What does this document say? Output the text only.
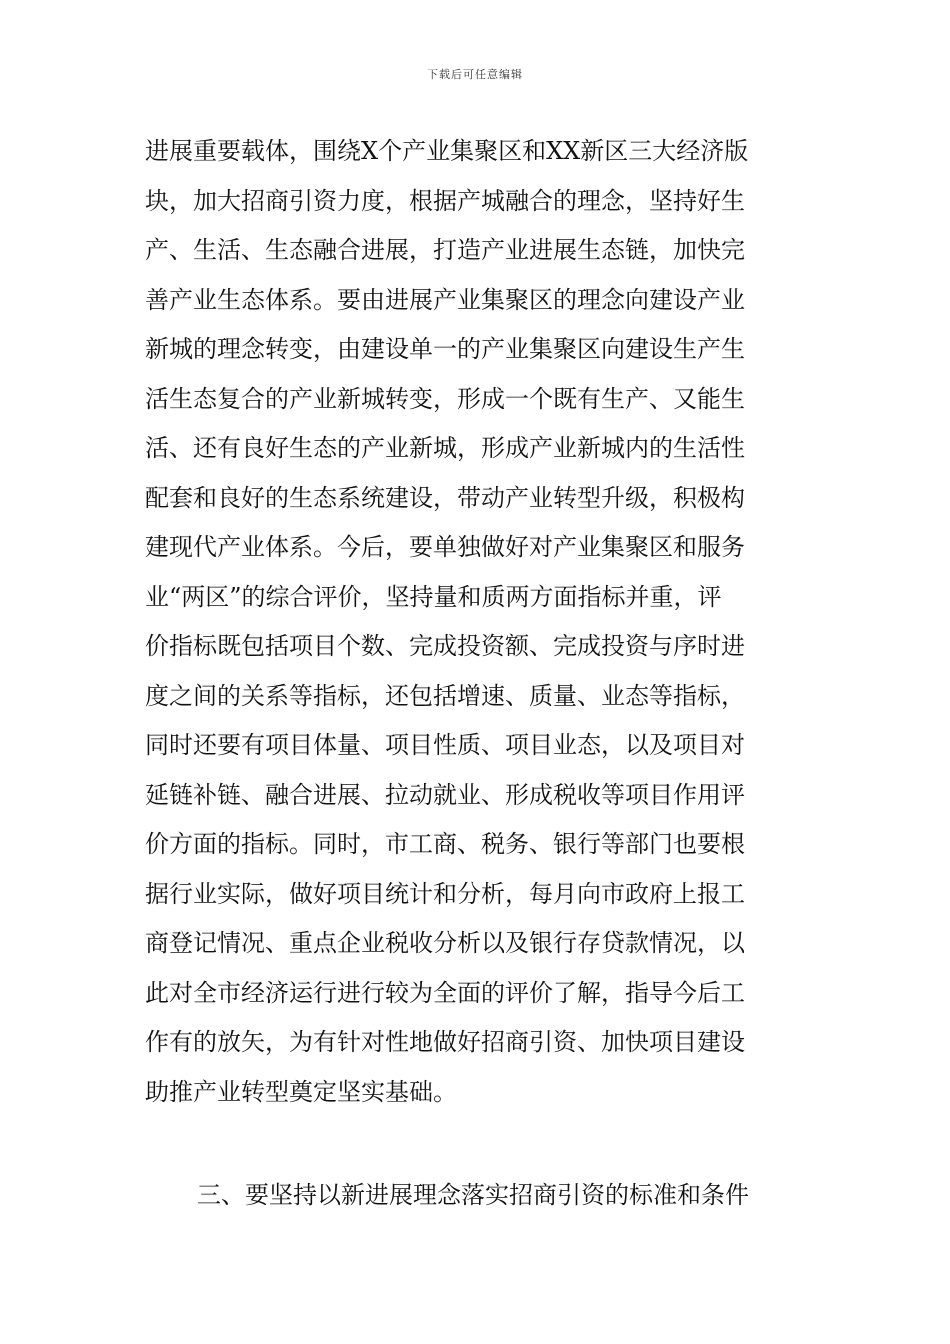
下载后可任意编辑
进展重要载体，围绕X个产业集聚区和XX新区三大经济版
块，加大招商引资力度，根据产城融合的理念，坚持好生
产、生活、生态融合进展，打造产业进展生态链，加快完
善产业生态体系。要由进展产业集聚区的理念向建设产业
新城的理念转变，由建设单一的产业集聚区向建设生产生
活生态复合的产业新城转变，形成一个既有生产、又能生
活、还有良好生态的产业新城，形成产业新城内的生活性
配套和良好的生态系统建设，带动产业转型升级，积极构
建现代产业体系。今后，要单独做好对产业集聚区和服务
业“两区”的综合评价，坚持量和质两方面指标并重，评
价指标既包括项目个数、完成投资额、完成投资与序时进
度之间的关系等指标，还包括增速、质量、业态等指标，
同时还要有项目体量、项目性质、项目业态，以及项目对
延链补链、融合进展、拉动就业、形成税收等项目作用评
价方面的指标。同时，市工商、税务、银行等部门也要根
据行业实际，做好项目统计和分析，每月向市政府上报工
商登记情况、重点企业税收分析以及银行存贷款情况，以
此对全市经济运行进行较为全面的评价了解，指导今后工
作有的放矢，为有针对性地做好招商引资、加快项目建设
助推产业转型奠定坚实基础。
三、要坚持以新进展理念落实招商引资的标准和条件
